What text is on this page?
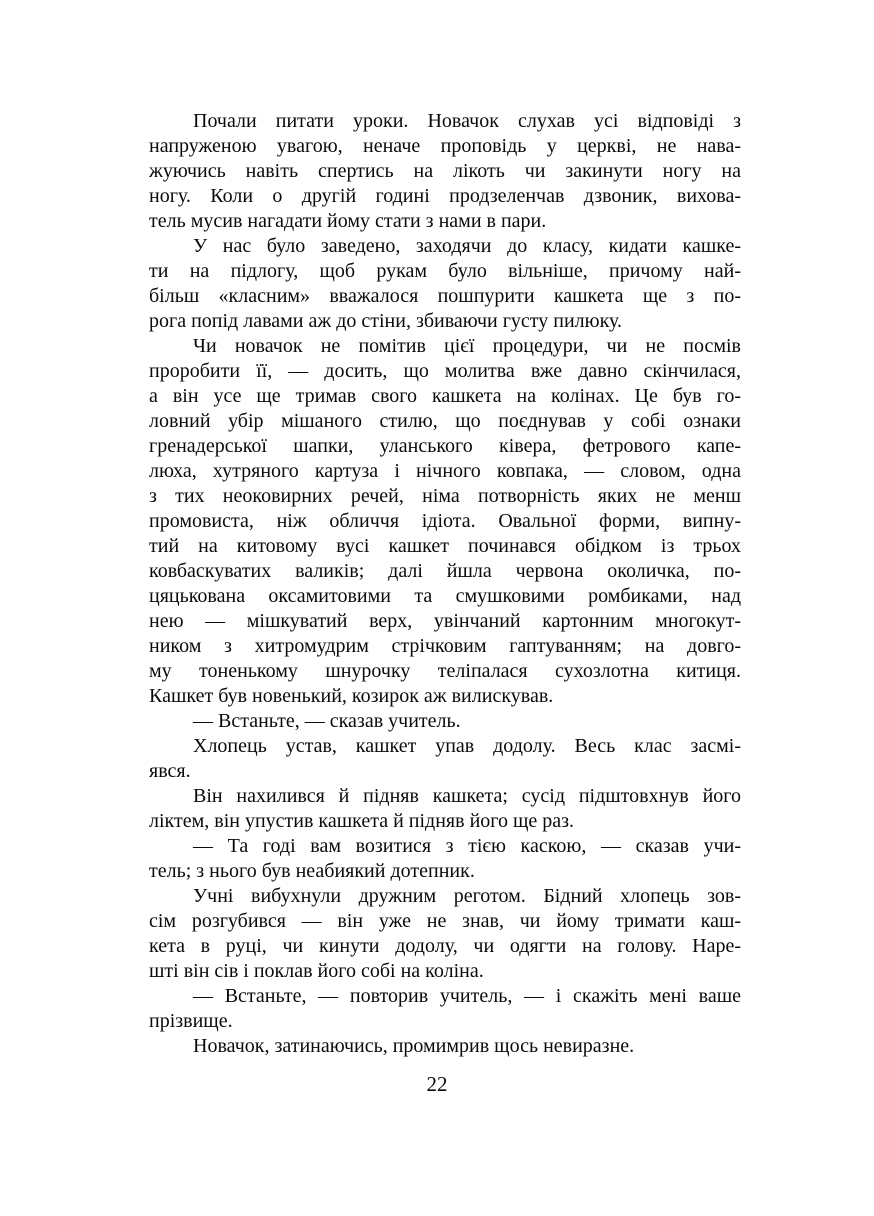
Почали питати уроки. Новачок слухав усі відповіді з
напруженою увагою, неначе проповідь у церкві, не нава-
жуючись навіть спертись на лікоть чи закинути ногу на
ногу. Коли о другій годині продзеленчав дзвоник, вихова-
тель мусив нагадати йому стати з нами в пари.

У нас було заведено, заходячи до класу, кидати кашке-
ти на підлогу, щоб рукам було вільніше, причому най-
більш «класним» вважалося пошпурити кашкета ще з по-
рога попід лавами аж до стіни, збиваючи густу пилюку.

Чи новачок не помітив цієї процедури, чи не посмів
проробити її, — досить, що молитва вже давно скінчилася,
а він усе ще тримав свого кашкета на колінах. Це був го-
ловний убір мішаного стилю, що поєднував у собі ознаки
гренадерської шапки, уланського ківера, фетрового капе-
люха, хутряного картуза і нічного ковпака, — словом, одна
з тих неоковирних речей, німа потворність яких не менш
промовиста, ніж обличчя ідіота. Овальної форми, випну-
тий на китовому вусі кашкет починався обідком із трьох
ковбаскуватих валиків; далі йшла червона околичка, по-
цяцькована оксамитовими та смушковими ромбиками, над
нею — мішкуватий верх, увінчаний картонним многокут-
ником з хитромудрим стрічковим гаптуванням; на довго-
му тоненькому шнурочку теліпалася сухозлотна китиця.
Кашкет був новенький, козирок аж вилискував.

— Встаньте, — сказав учитель.

Хлопець устав, кашкет упав додолу. Весь клас засмі-
явся.

Він нахилився й підняв кашкета; сусід підштовхнув його
ліктем, він упустив кашкета й підняв його ще раз.

— Та годі вам возитися з тією каскою, — сказав учи-
тель; з нього був неабиякий дотепник.

Учні вибухнули дружним реготом. Бідний хлопець зов-
сім розгубився — він уже не знав, чи йому тримати каш-
кета в руці, чи кинути додолу, чи одягти на голову. Наре-
шті він сів і поклав його собі на коліна.

— Встаньте, — повторив учитель, — і скажіть мені ваше
прізвище.

Новачок, затинаючись, промимрив щось невиразне.

22
